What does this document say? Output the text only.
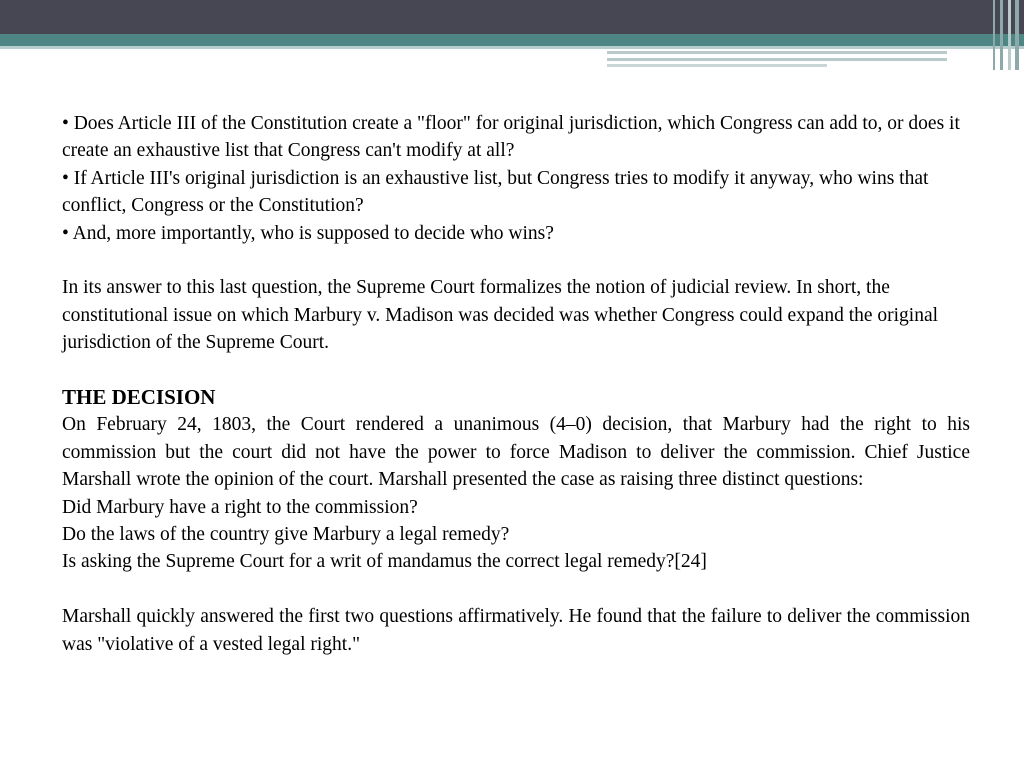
• Does Article III of the Constitution create a "floor" for original jurisdiction, which Congress can add to, or does it create an exhaustive list that Congress can't modify at all?

• If Article III's original jurisdiction is an exhaustive list, but Congress tries to modify it anyway, who wins that conflict, Congress or the Constitution?

• And, more importantly, who is supposed to decide who wins?

In its answer to this last question, the Supreme Court formalizes the notion of judicial review. In short, the constitutional issue on which Marbury v. Madison was decided was whether Congress could expand the original jurisdiction of the Supreme Court.

THE DECISION

On February 24, 1803, the Court rendered a unanimous (4–0) decision, that Marbury had the right to his commission but the court did not have the power to force Madison to deliver the commission. Chief Justice Marshall wrote the opinion of the court. Marshall presented the case as raising three distinct questions:

Did Marbury have a right to the commission?

Do the laws of the country give Marbury a legal remedy?

Is asking the Supreme Court for a writ of mandamus the correct legal remedy?[24]

Marshall quickly answered the first two questions affirmatively. He found that the failure to deliver the commission was "violative of a vested legal right."
